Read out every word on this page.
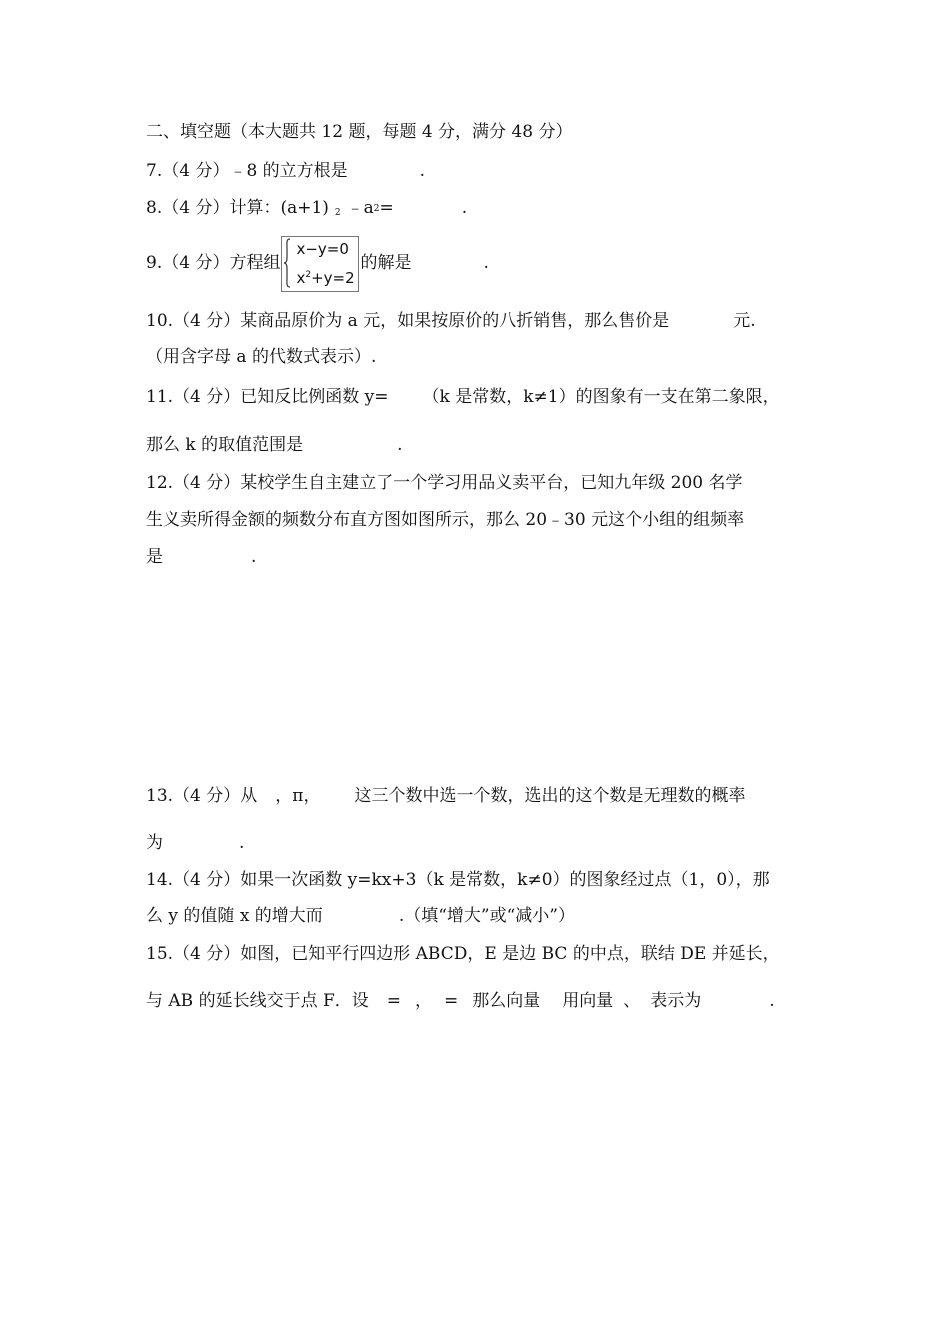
二、填空题（本大题共 12 题，每题 4 分，满分 48 分）
7.（4 分）﹣8 的立方根是	.
8.（4 分）计算：(a+1) $_2$ $﹣a^2=$	.
9.（4 分）方程组
x−y=0
$x^2+y=2$
的解是	.
10.（4 分）某商品原价为 a 元，如果按原价的八折销售，那么售价是	元.
（用含字母 a 的代数式表示）.
11.（4 分）已知反比例函数 y= （k 是常数，k≠1）的图象有一支在第二象限，
那么 k 的取值范围是	.
12.（4 分）某校学生自主建立了一个学习用品义卖平台，已知九年级 200 名学
生义卖所得金额的频数分布直方图如图所示，那么 20﹣30 元这个小组的组频率
是	.
13.（4 分）从 ，π， 这三个数中选一个数，选出的这个数是无理数的概率
为	.
14.（4 分）如果一次函数 y=kx+3（k 是常数，k≠0）的图象经过点（1，0），那
么 y 的值随 x 的增大而	.（填“增大”或“减小”）
15.（4 分）如图，已知平行四边形 ABCD，E 是边 BC 的中点，联结 DE 并延长，
与 AB 的延长线交于点 F．设 = ， = 那么向量 用向量 、 表示为	.
